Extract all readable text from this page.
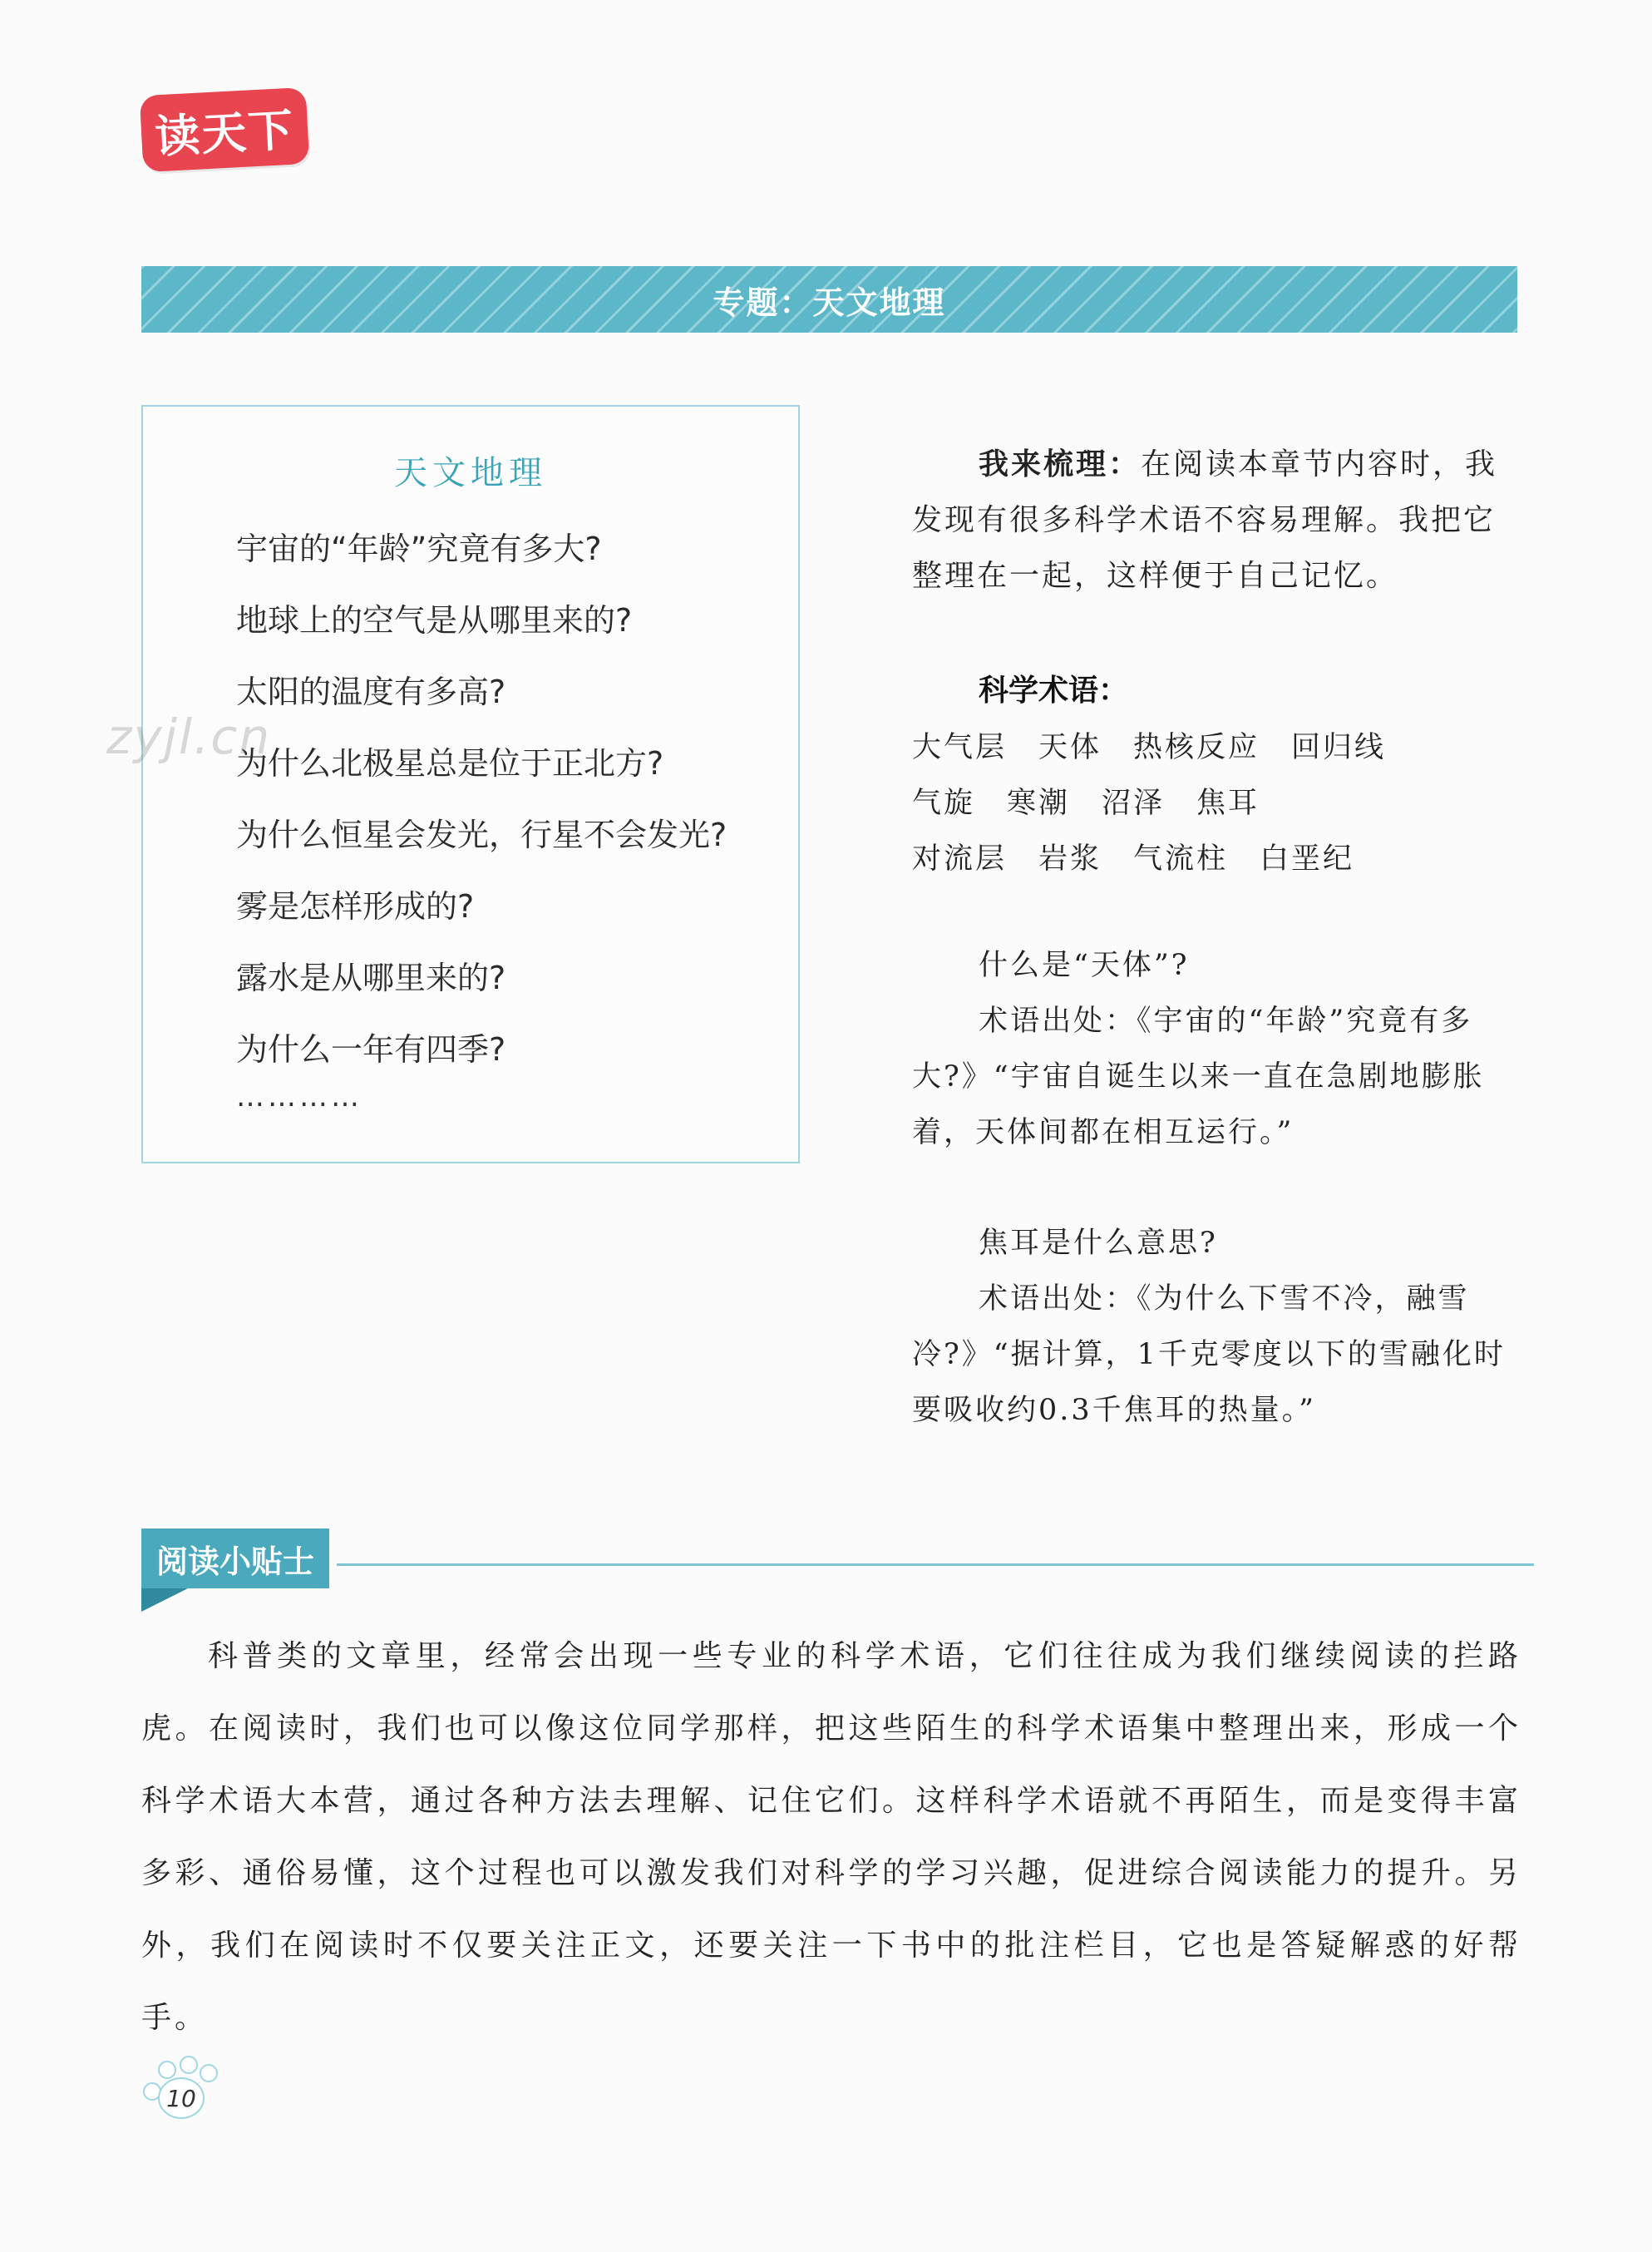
读天下
专题：天文地理
天文地理
宇宙的“年龄”究竟有多大?
地球上的空气是从哪里来的?
太阳的温度有多高?
为什么北极星总是位于正北方?
为什么恒星会发光，行星不会发光?
雾是怎样形成的?
露水是从哪里来的?
为什么一年有四季?
…………

我来梳理：在阅读本章节内容时，我发现有很多科学术语不容易理解。我把它整理在一起，这样便于自己记忆。

科学术语：
大气层 天体 热核反应 回归线
气旋 寒潮 沼泽 焦耳
对流层 岩浆 气流柱 白垩纪
什么是“天体”?

术语出处：《宇宙的“年龄”究竟有多大?》“宇宙自诞生以来一直在急剧地膨胀着，天体间都在相互运行。”

焦耳是什么意思?

术语出处：《为什么下雪不冷，融雪冷?》“据计算，1千克零度以下的雪融化时要吸收约0.3千焦耳的热量。”

阅读小贴士

科普类的文章里，经常会出现一些专业的科学术语，它们往往成为我们继续阅读的拦路虎。在阅读时，我们也可以像这位同学那样，把这些陌生的科学术语集中整理出来，形成一个科学术语大本营，通过各种方法去理解、记住它们。这样科学术语就不再陌生，而是变得丰富多彩、通俗易懂，这个过程也可以激发我们对科学的学习兴趣，促进综合阅读能力的提升。另外，我们在阅读时不仅要关注正文，还要关注一下书中的批注栏目，它也是答疑解惑的好帮手。

10
zyjl.cn
